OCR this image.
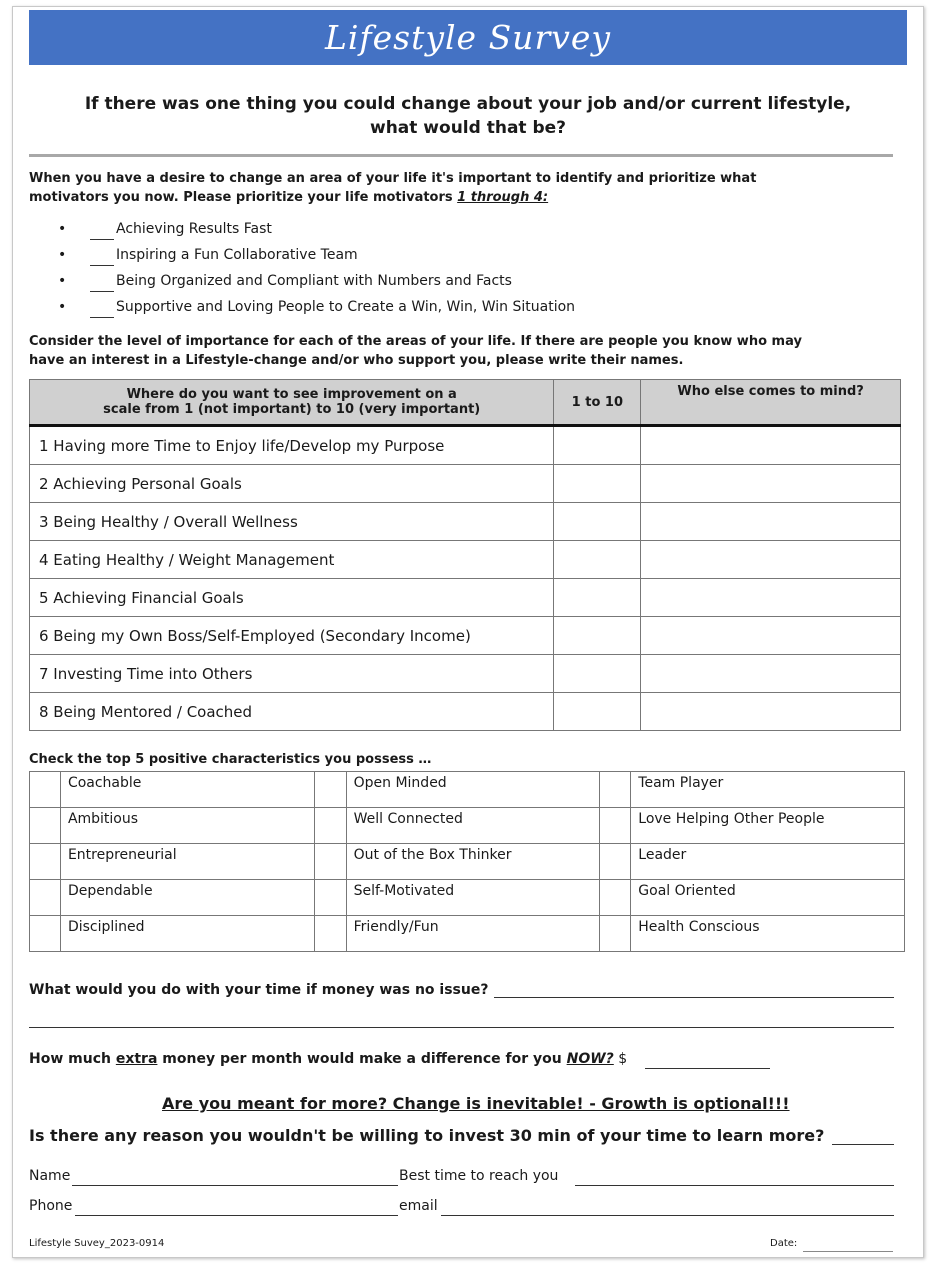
Lifestyle Survey
If there was one thing you could change about your job and/or current lifestyle,
what would that be?
When you have a desire to change an area of your life it's important to identify and prioritize what
motivators you now. Please prioritize your life motivators 1 through 4:
• Achieving Results Fast
• Inspiring a Fun Collaborative Team
• Being Organized and Compliant with Numbers and Facts
• Supportive and Loving People to Create a Win, Win, Win Situation
Consider the level of importance for each of the areas of your life. If there are people you know who may
have an interest in a Lifestyle-change and/or who support you, please write their names.
Where do you want to see improvement on a
scale from 1 (not important) to 10 (very important)	1 to 10	Who else comes to mind?
1 Having more Time to Enjoy life/Develop my Purpose		
2 Achieving Personal Goals		
3 Being Healthy / Overall Wellness		
4 Eating Healthy / Weight Management		
5 Achieving Financial Goals		
6 Being my Own Boss/Self-Employed (Secondary Income)		
7 Investing Time into Others		
8 Being Mentored / Coached		
Check the top 5 positive characteristics you possess …
	Coachable		Open Minded		Team Player
	Ambitious		Well Connected		Love Helping Other People
	Entrepreneurial		Out of the Box Thinker		Leader
	Dependable		Self-Motivated		Goal Oriented
	Disciplined		Friendly/Fun		Health Conscious
What would you do with your time if money was no issue?
How much extra money per month would make a difference for you NOW? $
Are you meant for more? Change is inevitable! - Growth is optional!!!
Is there any reason you wouldn't be willing to invest 30 min of your time to learn more?
Name	Best time to reach you
Phone	email
Lifestyle Suvey_2023-0914	Date:
